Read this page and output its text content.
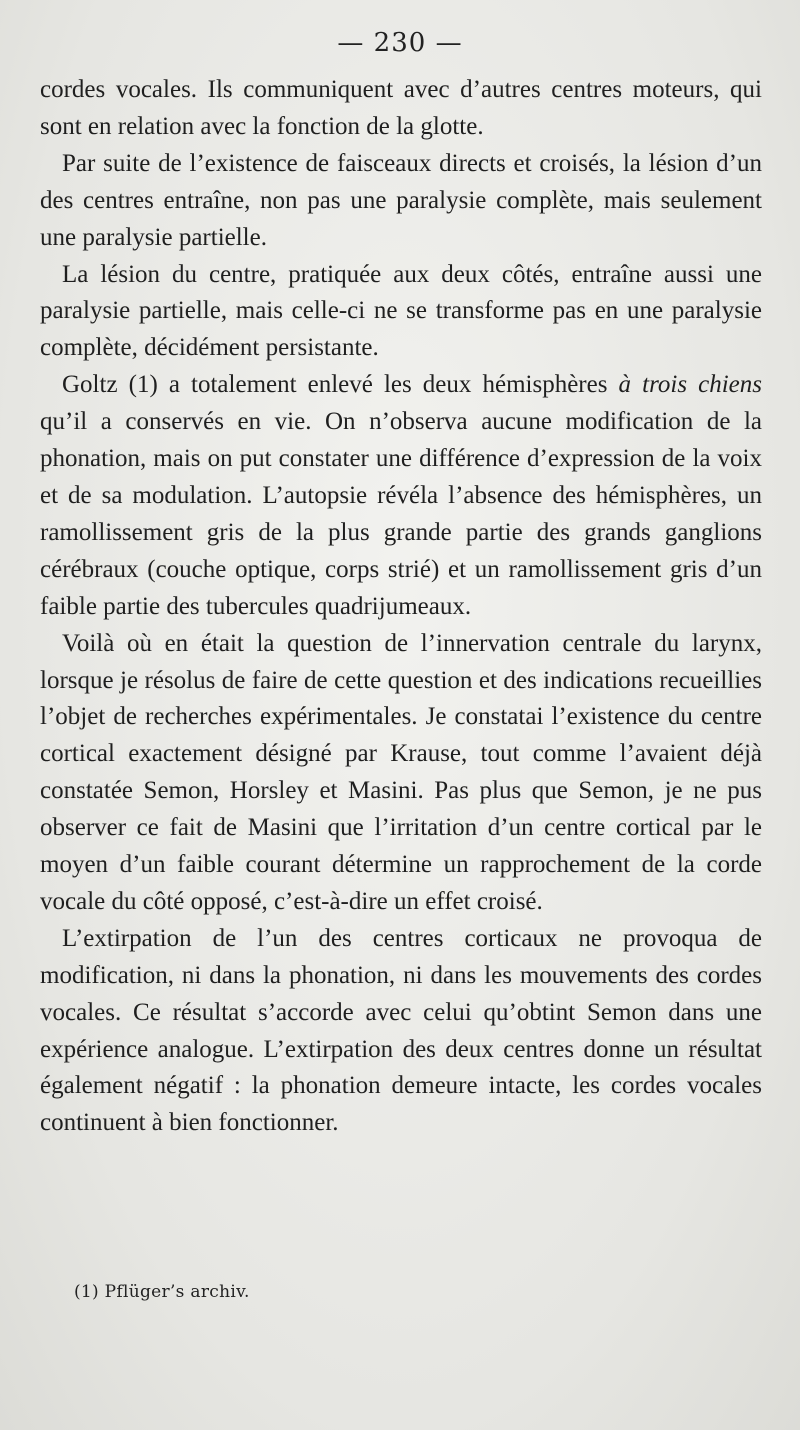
— 230 —

cordes vocales. Ils communiquent avec d’autres centres moteurs, qui sont en relation avec la fonction de la glotte.

Par suite de l’existence de faisceaux directs et croisés, la lésion d’un des centres entraîne, non pas une paralysie complète, mais seulement une paralysie partielle.

La lésion du centre, pratiquée aux deux côtés, entraîne aussi une paralysie partielle, mais celle-ci ne se transforme pas en une paralysie complète, décidément persistante.

Goltz (1) a totalement enlevé les deux hémisphères à trois chiens qu’il a conservés en vie. On n’observa aucune modification de la phonation, mais on put constater une différence d’expression de la voix et de sa modulation. L’autopsie révéla l’absence des hémisphères, un ramollissement gris de la plus grande partie des grands ganglions cérébraux (couche optique, corps strié) et un ramollissement gris d’un faible partie des tubercules quadrijumeaux.

Voilà où en était la question de l’innervation centrale du larynx, lorsque je résolus de faire de cette question et des indications recueillies l’objet de recherches expérimentales. Je constatai l’existence du centre cortical exactement désigné par Krause, tout comme l’avaient déjà constatée Semon, Horsley et Masini. Pas plus que Semon, je ne pus observer ce fait de Masini que l’irritation d’un centre cortical par le moyen d’un faible courant détermine un rapprochement de la corde vocale du côté opposé, c’est-à-dire un effet croisé.

L’extirpation de l’un des centres corticaux ne provoqua de modification, ni dans la phonation, ni dans les mouvements des cordes vocales. Ce résultat s’accorde avec celui qu’obtint Semon dans une expérience analogue. L’extirpation des deux centres donne un résultat également négatif : la phonation demeure intacte, les cordes vocales continuent à bien fonctionner.

(1) Pflüger’s archiv.
